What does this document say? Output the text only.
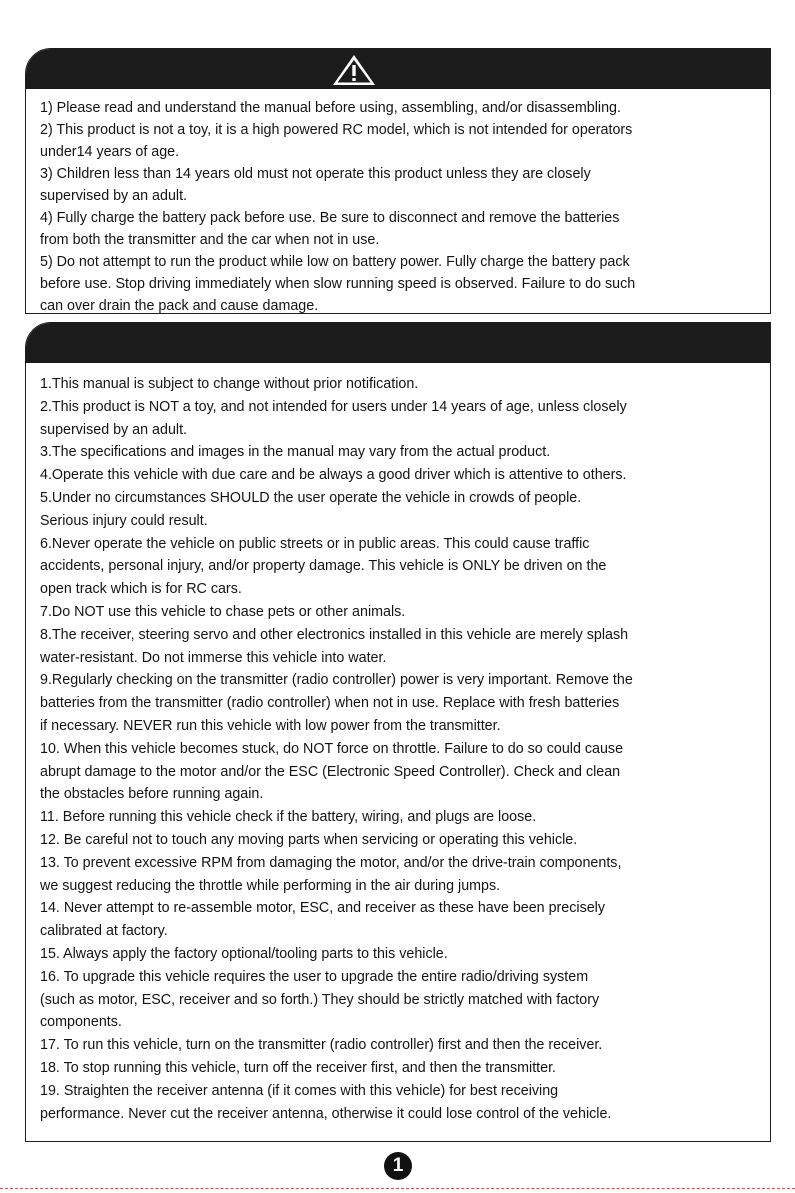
1) Please read and understand the manual before using, assembling, and/or disassembling.
2) This product is not a toy, it is a high powered RC model, which is not intended for operators
under14 years of age.
3) Children less than 14 years old must not operate this product unless they are closely
supervised by an adult.
4) Fully charge the battery pack before use. Be sure to disconnect and remove the batteries
from both the transmitter and the car when not in use.
5) Do not attempt to run the product while low on battery power. Fully charge the battery pack
before use. Stop driving immediately when slow running speed is observed. Failure to do such
can over drain the pack and cause damage.
1.This manual is subject to change without prior notification.
2.This product is NOT a toy, and not intended for users under 14 years of age, unless closely
supervised by an adult.
3.The specifications and images in the manual may vary from the actual product.
4.Operate this vehicle with due care and be always a good driver which is attentive to others.
5.Under no circumstances SHOULD the user operate the vehicle in crowds of people.
Serious injury could result.
6.Never operate the vehicle on public streets or in public areas. This could cause traffic
accidents, personal injury, and/or property damage. This vehicle is ONLY be driven on the
open track which is for RC cars.
7.Do NOT use this vehicle to chase pets or other animals.
8.The receiver, steering servo and other electronics installed in this vehicle are merely splash
water-resistant. Do not immerse this vehicle into water.
9.Regularly checking on the transmitter (radio controller) power is very important. Remove the
batteries from the transmitter (radio controller) when not in use. Replace with fresh batteries
if necessary. NEVER run this vehicle with low power from the transmitter.
10. When this vehicle becomes stuck, do NOT force on throttle. Failure to do so could cause
abrupt damage to the motor and/or the ESC (Electronic Speed Controller). Check and clean
the obstacles before running again.
11. Before running this vehicle check if the battery, wiring, and plugs are loose.
12. Be careful not to touch any moving parts when servicing or operating this vehicle.
13. To prevent excessive RPM from damaging the motor, and/or the drive-train components,
we suggest reducing the throttle while performing in the air during jumps.
14. Never attempt to re-assemble motor, ESC, and receiver as these have been precisely
calibrated at factory.
15. Always apply the factory optional/tooling parts to this vehicle.
16. To upgrade this vehicle requires the user to upgrade the entire radio/driving system
(such as motor, ESC, receiver and so forth.) They should be strictly matched with factory
components.
17. To run this vehicle, turn on the transmitter (radio controller) first and then the receiver.
18. To stop running this vehicle, turn off the receiver first, and then the transmitter.
19. Straighten the receiver antenna (if it comes with this vehicle) for best receiving
performance. Never cut the receiver antenna, otherwise it could lose control of the vehicle.
1
